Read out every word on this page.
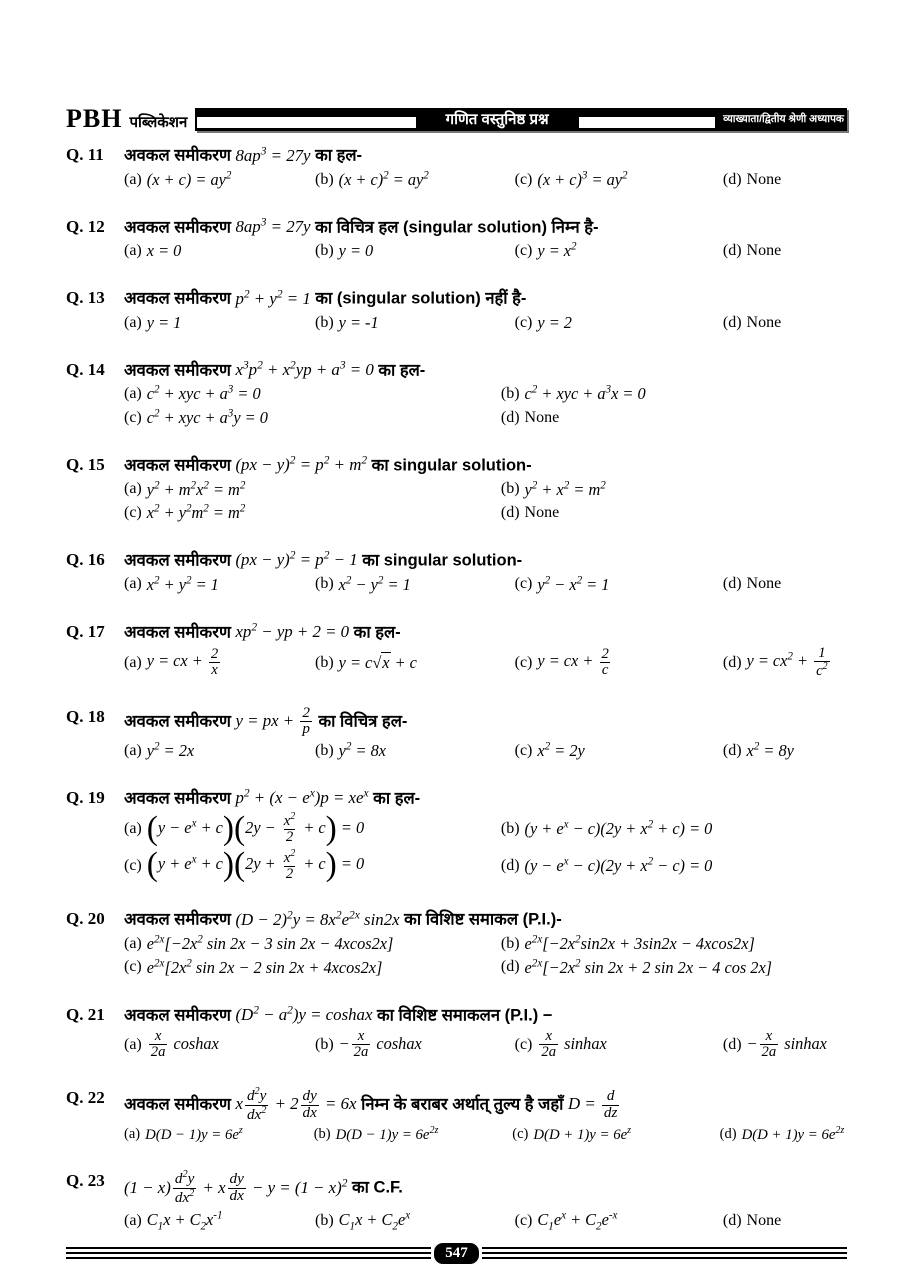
PBH पब्लिकेशन	गणित वस्तुनिष्ठ प्रश्न	व्याख्याता/द्वितीय श्रेणी अध्यापक
Q. 11	अवकल समीकरण $8ap^3 = 27y$ का हल-
(a) $(x + c) = ay^2$	(b) $(x + c)^2 = ay^2$	(c) $(x + c)^3 = ay^2$	(d) None
Q. 12	अवकल समीकरण $8ap^3 = 27y$ का विचित्र हल (singular solution) निम्न है-
(a) x = 0	(b) y = 0	(c) $y = x^2$	(d) None
Q. 13	अवकल समीकरण $p^2 + y^2 = 1$ का (singular solution) नहीं है-
(a) y = 1	(b) y = -1	(c) y = 2	(d) None
Q. 14	अवकल समीकरण $x^3p^2 + x^2yp + a^3 = 0$ का हल-
(a) $c^2$ + xyc + $a^3 = 0$	(b) $c^2$ + xyc + $a^3x = 0$
(c) $c^2$ + xyc + $a^3y = 0$	(d) None
Q. 15	अवकल समीकरण $(px - y)^2 = p^2 + m^2$ का singular solution-
(a) $y^2 + m^2x^2 = m^2$	(b) $y^2 + x^2 = m^2$
(c) $x^2 + y^2m^2 = m^2$	(d) None
Q. 16	अवकल समीकरण $(px - y)^2 = p^2 - 1$ का singular solution-
(a) $x^2 + y^2 = 1$	(b) $x^2 - y^2 = 1$	(c) $y^2 - x^2 = 1$	(d) None
Q. 17	अवकल समीकरण $xp^2$ − yp + 2 = 0 का हल-
(a) y = cx + $\frac{2}{x}$	(b) y = c√x + c	(c) y = cx + $\frac{2}{c}$	(d) $y = cx^2 + \frac{1}{c^2}$
Q. 18	अवकल समीकरण y = px + $\frac{2}{p}$ का विचित्र हल-
(a) $y^2 = 2x$	(b) $y^2 = 8x$	(c) $x^2 = 2y$	(d) $x^2 = 8y$
Q. 19	अवकल समीकरण $p^2 + (x - e^x)p = xe^x$ का हल-
(a) $(y - e^x + c)(2y - \frac{x^2}{2} + c) = 0$	(b) $(y + e^x - c)(2y + x^2 + c) = 0$
(c) $(y + e^x + c)(2y + \frac{x^2}{2} + c) = 0$	(d) $(y - e^x - c)(2y + x^2 - c) = 0$
Q. 20	अवकल समीकरण $(D - 2)^2y = 8x^2e^{2x}$ sin2x का विशिष्ट समाकल (P.I.)-
(a) $e^{2x}[-2x^2$ sin 2x − 3 sin 2x − 4xcos2x]	(b) $e^{2x}[-2x^2\sin 2x + 3\sin 2x - 4xcos2x]$
(c) $e^{2x}[2x^2$ sin 2x − 2 sin 2x + 4xcos2x]	(d) $e^{2x}[-2x^2$ sin 2x + 2 sin 2x − 4 cos 2x]
Q. 21	अवकल समीकरण $(D^2 - a^2)y$ = coshax का विशिष्ट समाकलन (P.I.) −
$(a) \frac{x}{2a}$ coshax	$(b) - \frac{x}{2a}$ coshax	$(c) \frac{x}{2a}$ sinhax	$(d) - \frac{x}{2a}$ sinhax
Q. 22	अवकल समीकरण x $\frac{d^2y}{dx^2} + 2 \frac{dy}{dx} = 6x$ निम्न के बराबर अर्थात् तुल्य है जहाँ $D = \frac{d}{dz}$
(a) $D(D - 1)y = 6e^z$	(b) $D(D - 1)y = 6e^{2z}$	(c) $D(D + 1)y = 6e^z$	(d) $D(D + 1)y = 6e^{2z}$
Q. 23	$(1 - x) \frac{d^2y}{dx^2} + x \frac{dy}{dx} - y = (1 - x)^2$ का C.F.
(a) $C_1x + C_2x^{-1}$	(b) $C_1x + C_2e^x$	(c) $C_1e^x + C_2e^{-x}$	(d) None
547
